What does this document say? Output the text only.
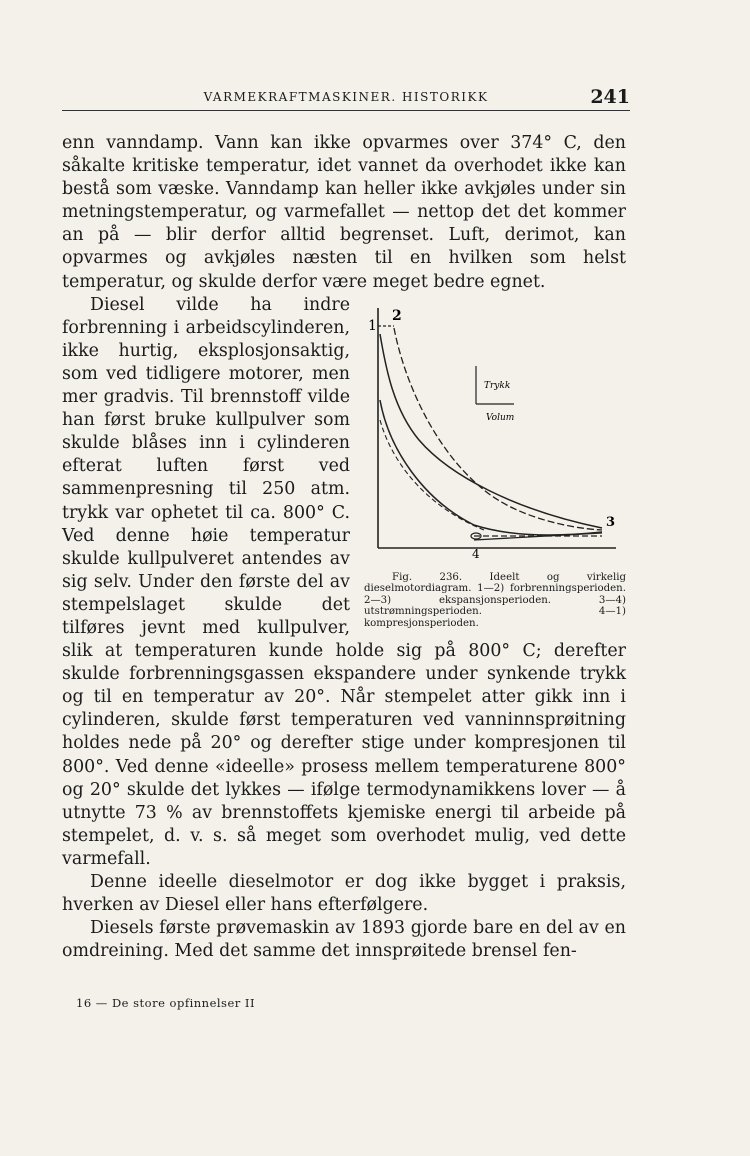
VARMEKRAFTMASKINER. HISTORIKK	241

enn vanndamp. Vann kan ikke opvarmes over 374° C, den såkalte kritiske temperatur, idet vannet da overhodet ikke kan bestå som væske. Vanndamp kan heller ikke avkjøles under sin metningstemperatur, og varmefallet — nettop det det kommer an på — blir derfor alltid begrenset. Luft, derimot, kan opvarmes og avkjøles næsten til en hvilken som helst temperatur, og skulde derfor være meget bedre egnet.

1
2
3
4
Trykk
Volum
Fig. 236. Ideelt og virkelig dieselmotordiagram. 1—2) forbrenningsperioden. 2—3) ekspansjonsperioden. 3—4) utstrømningsperioden. 4—1) kompresjonsperioden.
Diesel vilde ha indre forbrenning i arbeidscylinderen, ikke hurtig, eksplosjonsaktig, som ved tidligere motorer, men mer gradvis. Til brennstoff vilde han først bruke kullpulver som skulde blåses inn i cylinderen efterat luften først ved sammenpresning til 250 atm. trykk var ophetet til ca. 800° C. Ved denne høie temperatur skulde kullpulveret antendes av sig selv. Under den første del av stempelslaget skulde det tilføres jevnt med kullpulver, slik at temperaturen kunde holde sig på 800° C; derefter skulde forbrenningsgassen ekspandere under synkende trykk og til en temperatur av 20°. Når stempelet atter gikk inn i cylinderen, skulde først temperaturen ved vanninnsprøitning holdes nede på 20° og derefter stige under kompresjonen til 800°. Ved denne «ideelle» prosess mellem temperaturene 800° og 20° skulde det lykkes — ifølge termodynamikkens lover — å utnytte 73 % av brennstoffets kjemiske energi til arbeide på stempelet, d. v. s. så meget som overhodet mulig, ved dette varmefall.

Denne ideelle dieselmotor er dog ikke bygget i praksis, hverken av Diesel eller hans efterfølgere.

Diesels første prøvemaskin av 1893 gjorde bare en del av en omdreining. Med det samme det innsprøitede brensel fen-

16 — De store opfinnelser II
